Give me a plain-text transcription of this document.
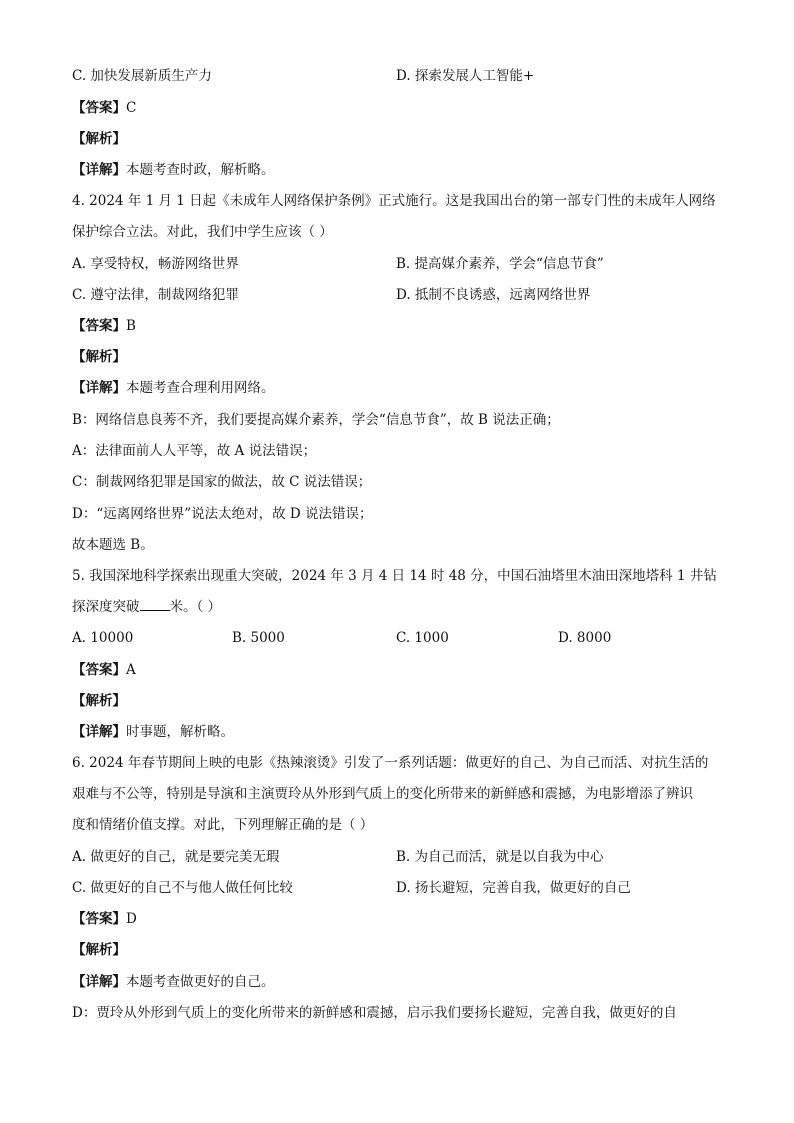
C. 加快发展新质生产力	D. 探索发展人工智能+
【答案】C
【解析】
【详解】本题考查时政，解析略。
4. 2024 年 1 月 1 日起《未成年人网络保护条例》正式施行。这是我国出台的第一部专门性的未成年人网络
保护综合立法。对此，我们中学生应该（ ）
A. 享受特权，畅游网络世界	B. 提高媒介素养，学会“信息节食”
C. 遵守法律，制裁网络犯罪	D. 抵制不良诱惑，远离网络世界
【答案】B
【解析】
【详解】本题考查合理利用网络。
B：网络信息良莠不齐，我们要提高媒介素养，学会“信息节食”，故 B 说法正确；
A：法律面前人人平等，故 A 说法错误；
C：制裁网络犯罪是国家的做法，故 C 说法错误；
D：“远离网络世界”说法太绝对，故 D 说法错误；
故本题选 B。
5. 我国深地科学探索出现重大突破，2024 年 3 月 4 日 14 时 48 分，中国石油塔里木油田深地塔科 1 井钻
探深度突破 米。（ ）
A. 10000	B. 5000	C. 1000	D. 8000
【答案】A
【解析】
【详解】时事题，解析略。
6. 2024 年春节期间上映的电影《热辣滚烫》引发了一系列话题：做更好的自己、为自己而活、对抗生活的
艰难与不公等，特别是导演和主演贾玲从外形到气质上的变化所带来的新鲜感和震撼，为电影增添了辨识
度和情绪价值支撑。对此，下列理解正确的是（ ）
A. 做更好的自己，就是要完美无瑕	B. 为自己而活，就是以自我为中心
C. 做更好的自己不与他人做任何比较	D. 扬长避短，完善自我，做更好的自己
【答案】D
【解析】
【详解】本题考查做更好的自己。
D：贾玲从外形到气质上的变化所带来的新鲜感和震撼，启示我们要扬长避短，完善自我，做更好的自
